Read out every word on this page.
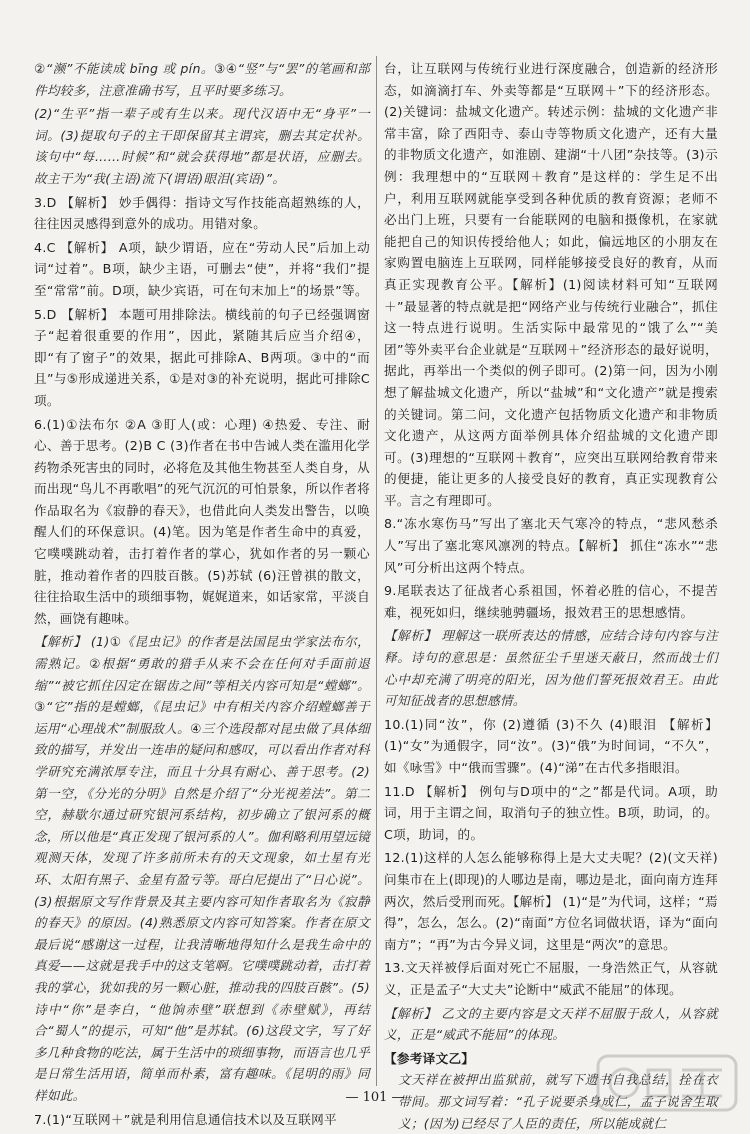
②“濒”不能读成 bīng 或 pín。③④“竖”与“罢”的笔画和部件均较多，注意准确书写，且平时要多练习。

(2)“生平”指一辈子或有生以来。现代汉语中无“身平”一词。(3)提取句子的主干即保留其主谓宾，删去其定状补。该句中“每……时候”和“就会获得地”都是状语，应删去。故主干为“我(主语)流下(谓语)眼泪(宾语)”。

3.D 【解析】 妙手偶得：指诗文写作技能高超熟练的人，往往因灵感得到意外的成功。用错对象。

4.C 【解析】 A项，缺少谓语，应在“劳动人民”后加上动词“过着”。B项，缺少主语，可删去“使”，并将“我们”提至“常常”前。D项，缺少宾语，可在句末加上“的场景”等。

5.D 【解析】 本题可用排除法。横线前的句子已经强调窗子“起着很重要的作用”，因此，紧随其后应当介绍④，即“有了窗子”的效果，据此可排除A、B两项。③中的“而且”与⑤形成递进关系，①是对③的补充说明，据此可排除C项。

6.(1)①法布尔 ②A ③盯人(或：心理) ④热爱、专注、耐心、善于思考。(2)B C (3)作者在书中告诫人类在滥用化学药物杀死害虫的同时，必将危及其他生物甚至人类自身，从而出现“鸟儿不再歌唱”的死气沉沉的可怕景象，所以作者将作品取名为《寂静的春天》，也借此向人类发出警告，以唤醒人们的环保意识。(4)笔。因为笔是作者生命中的真爱，它噗噗跳动着，击打着作者的掌心，犹如作者的另一颗心脏，推动着作者的四肢百骸。(5)苏轼 (6)汪曾祺的散文，往往拾取生活中的琐细事物，娓娓道来，如话家常，平淡自然，画饶有趣味。

【解析】 (1)①《昆虫记》的作者是法国昆虫学家法布尔，需熟记。②根据“勇敢的猎手从来不会在任何对手面前退缩”“被它抓住囚定在锯齿之间”等相关内容可知是“螳螂”。③“它”指的是螳螂，《昆虫记》中有相关内容介绍螳螂善于运用“心理战术”制服敌人。④三个选段都对昆虫做了具体细致的描写，并发出一连串的疑问和感叹，可以看出作者对科学研究充满浓厚专注，而且十分具有耐心、善于思考。(2)第一空，《分光的分明》自然是介绍了“分光视差法”。第二空，赫歇尔通过研究银河系结构，初步确立了银河系的概念，所以他是“真正发现了银河系的人”。伽利略利用望远镜观测天体，发现了许多前所未有的天文现象，如土星有光环、太阳有黑子、金星有盈亏等。哥白尼提出了“日心说”。(3)根据原文写作背景及其主要内容可知作者取名为《寂静的春天》的原因。(4)熟悉原文内容可知答案。作者在原文最后说“感谢这一过程，让我清晰地得知什么是我生命中的真爱——这就是我手中的这支笔啊。它噗噗跳动着，击打着我的掌心，犹如我的另一颗心脏，推动我的四肢百骸”。(5)诗中“你”是李白，“他饷赤壁”联想到《赤壁赋》，再结合“蜀人”的提示，可知“他”是苏轼。(6)这段文字，写了好多几种食物的吃法，属于生活中的琐细事物，而语言也几乎是日常生活用语，简单而朴素，富有趣味。《昆明的雨》同样如此。

7.(1)“互联网＋”就是利用信息通信技术以及互联网平

台，让互联网与传统行业进行深度融合，创造新的经济形态，如滴滴打车、外卖等都是“互联网＋”下的经济形态。(2)关键词：盐城文化遗产。转述示例：盐城的文化遗产非常丰富，除了西阳寺、泰山寺等物质文化遗产，还有大量的非物质文化遗产，如淮剧、建湖“十八团”杂技等。(3)示例：我理想中的“互联网＋教育”是这样的：学生足不出户，利用互联网就能享受到各种优质的教育资源；老师不必出门上班，只要有一台能联网的电脑和摄像机，在家就能把自己的知识传授给他人；如此，偏远地区的小朋友在家购置电脑连上互联网，同样能够接受良好的教育，从而真正实现教育公平。【解析】(1)阅读材料可知“互联网＋”最显著的特点就是把“网络产业与传统行业融合”，抓住这一特点进行说明。生活实际中最常见的“饿了么”“美团”等外卖平台企业就是“互联网＋”经济形态的最好说明，据此，再举出一个类似的例子即可。(2)第一问，因为小刚想了解盐城文化遗产，所以“盐城”和“文化遗产”就是搜索的关键词。第二问，文化遗产包括物质文化遗产和非物质文化遗产，从这两方面举例具体介绍盐城的文化遗产即可。(3)理想的“互联网＋教育”，应突出互联网给教育带来的便捷，能让更多的人接受良好的教育，真正实现教育公平。言之有理即可。

8.“冻水寒伤马”写出了塞北天气寒冷的特点，“悲风愁杀人”写出了塞北寒风凛冽的特点。【解析】 抓住“冻水”“悲风”可分析出这两个特点。

9.尾联表达了征战者心系祖国，怀着必胜的信心，不提苦难，视死如归，继续驰骋疆场，报效君王的思想感情。

【解析】 理解这一联所表达的情感，应结合诗句内容与注释。诗句的意思是：虽然征尘千里迷天蔽日，然而战士们心中却充满了明亮的阳光，因为他们誓死报效君王。由此可知征战者的思想感情。

10.(1)同“汝”，你 (2)遵循 (3)不久 (4)眼泪 【解析】 (1)“女”为通假字，同“汝”。(3)“俄”为时间词，“不久”，如《咏雪》中“俄而雪骤”。(4)“涕”在古代多指眼泪。

11.D 【解析】 例句与D项中的“之”都是代词。A项，助词，用于主谓之间，取消句子的独立性。B项，助词，的。C项，助词，的。

12.(1)这样的人怎么能够称得上是大丈夫呢？(2)(文天祥)问集市在上(即现)的人哪边是南，哪边是北，面向南方连拜两次，然后受刑而死。【解析】 (1)“是”为代词，这样；“焉得”，怎么，怎么。(2)“南面”方位名词做状语，译为“面向南方”；“再”为古今异义词，这里是“两次”的意思。

13.文天祥被俘后面对死亡不屈服，一身浩然正气，从容就义，正是孟子“大丈夫”论断中“威武不能屈”的体现。

【解析】 乙文的主要内容是文天祥不屈服于敌人，从容就义，正是“威武不能屈”的体现。

【参考译文乙】

文天祥在被押出监狱前，就写下遗书自我总结，拴在衣带间。那文词写着：“孔子说要杀身成仁，孟子说舍生取义；(因为)已经尽了人臣的责任，所以能成就仁

— 101 —
